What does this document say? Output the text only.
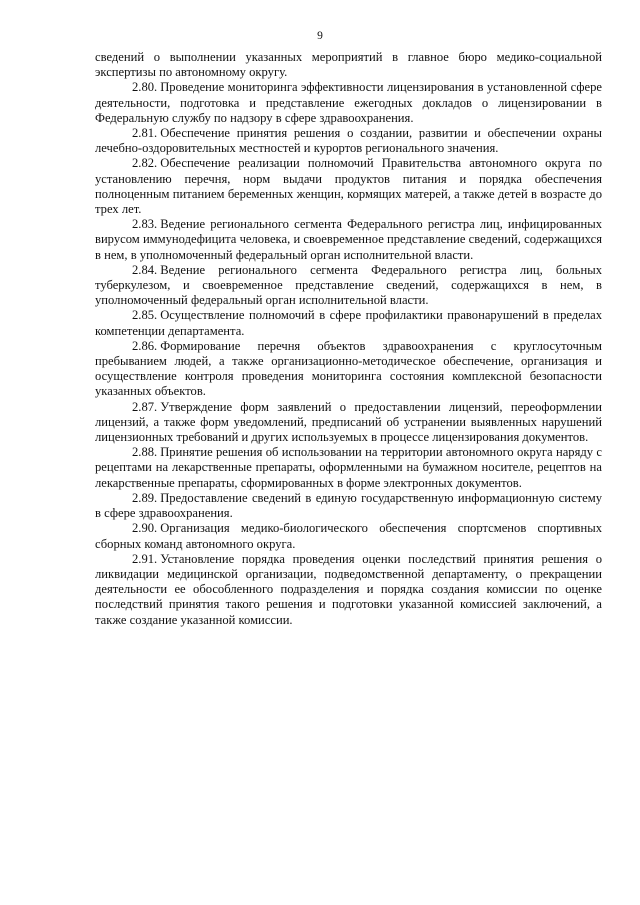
9

сведений о выполнении указанных мероприятий в главное бюро медико-социальной экспертизы по автономному округу.

2.80. Проведение мониторинга эффективности лицензирования в установленной сфере деятельности, подготовка и представление ежегодных докладов о лицензировании в Федеральную службу по надзору в сфере здравоохранения.

2.81. Обеспечение принятия решения о создании, развитии и обеспечении охраны лечебно-оздоровительных местностей и курортов регионального значения.

2.82. Обеспечение реализации полномочий Правительства автономного округа по установлению перечня, норм выдачи продуктов питания и порядка обеспечения полноценным питанием беременных женщин, кормящих матерей, а также детей в возрасте до трех лет.

2.83. Ведение регионального сегмента Федерального регистра лиц, инфицированных вирусом иммунодефицита человека, и своевременное представление сведений, содержащихся в нем, в уполномоченный федеральный орган исполнительной власти.

2.84. Ведение регионального сегмента Федерального регистра лиц, больных туберкулезом, и своевременное представление сведений, содержащихся в нем, в уполномоченный федеральный орган исполнительной власти.

2.85. Осуществление полномочий в сфере профилактики правонарушений в пределах компетенции департамента.

2.86. Формирование перечня объектов здравоохранения с круглосуточным пребыванием людей, а также организационно-методическое обеспечение, организация и осуществление контроля проведения мониторинга состояния комплексной безопасности указанных объектов.

2.87. Утверждение форм заявлений о предоставлении лицензий, переоформлении лицензий, а также форм уведомлений, предписаний об устранении выявленных нарушений лицензионных требований и других используемых в процессе лицензирования документов.

2.88. Принятие решения об использовании на территории автономного округа наряду с рецептами на лекарственные препараты, оформленными на бумажном носителе, рецептов на лекарственные препараты, сформированных в форме электронных документов.

2.89. Предоставление сведений в единую государственную информационную систему в сфере здравоохранения.

2.90. Организация медико-биологического обеспечения спортсменов спортивных сборных команд автономного округа.

2.91. Установление порядка проведения оценки последствий принятия решения о ликвидации медицинской организации, подведомственной департаменту, о прекращении деятельности ее обособленного подразделения и порядка создания комиссии по оценке последствий принятия такого решения и подготовки указанной комиссией заключений, а также создание указанной комиссии.
